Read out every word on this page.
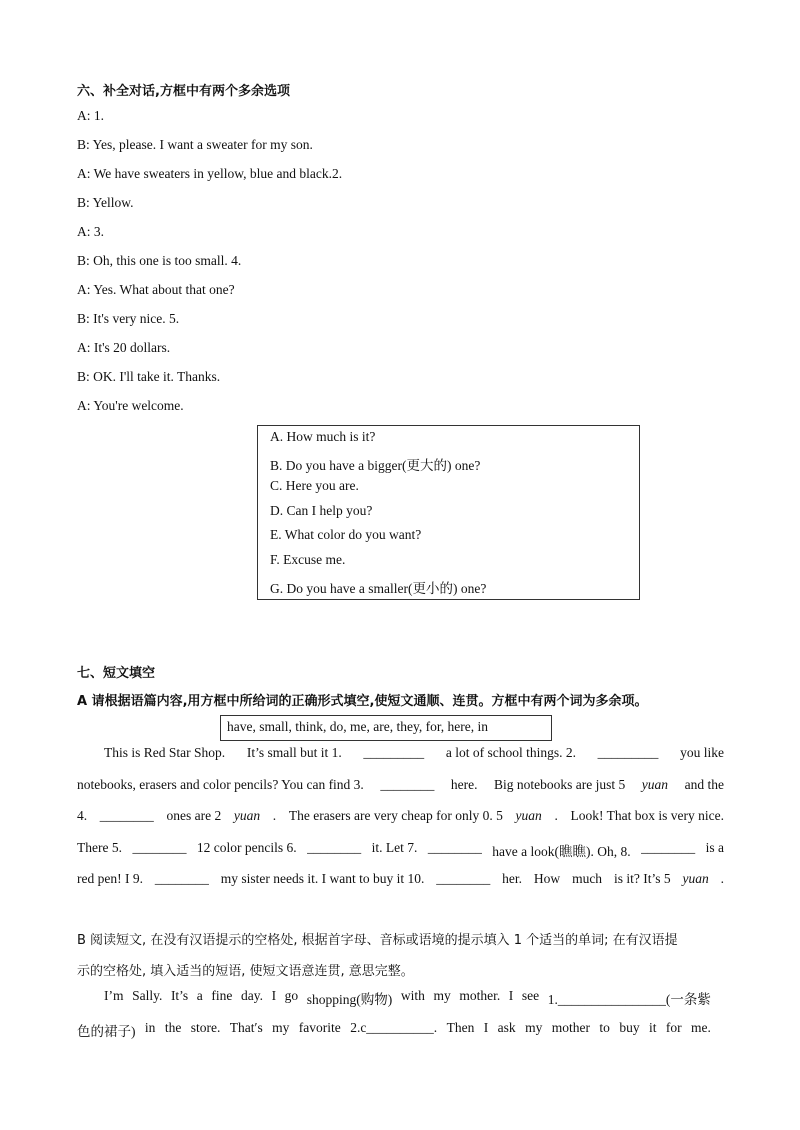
六、补全对话,方框中有两个多余选项
A: 1.
B: Yes, please. I want a sweater for my son.
A: We have sweaters in yellow, blue and black.2.
B: Yellow.
A: 3.
B: Oh, this one is too small. 4.
A: Yes. What about that one?
B: It's very nice. 5.
A: It's 20 dollars.
B: OK. I'll take it. Thanks.
A: You're welcome.
A. How much is it?
B. Do you have a bigger(更大的) one?
C. Here you are.
D. Can I help you?
E. What color do you want?
F. Excuse me.
G. Do you have a smaller(更小的) one?
七、短文填空
A 请根据语篇内容,用方框中所给词的正确形式填空,使短文通顺、连贯。方框中有两个词为多余项。
have, small, think, do, me, are, they, for, here, in
This is Red Star Shop. It’s small but it 1. _________ a lot of school things. 2. _________ you like
notebooks, erasers and color pencils? You can find 3. ________ here. Big notebooks are just 5 yuan and the
4. ________ ones are 2 yuan . The erasers are very cheap for only 0. 5 yuan . Look! That box is very nice.
There 5. ________ 12 color pencils 6. ________ it. Let 7. ________ have a look(瞧瞧). Oh, 8. ________ is a
red pen! I 9. ________ my sister needs it. I want to buy it 10. ________ her. How much is it? It’s 5 yuan .
B 阅读短文, 在没有汉语提示的空格处, 根据首字母、音标或语境的提示填入 1 个适当的单词; 在有汉语提
示的空格处, 填入适当的短语, 使短文语意连贯, 意思完整。
I’m Sally. It’s a fine day. I go shopping(购物) with my mother. I see 1.________________(一条紫
色的裙子) in the store. That′s my favorite 2.c__________. Then I ask my mother to buy it for me.
